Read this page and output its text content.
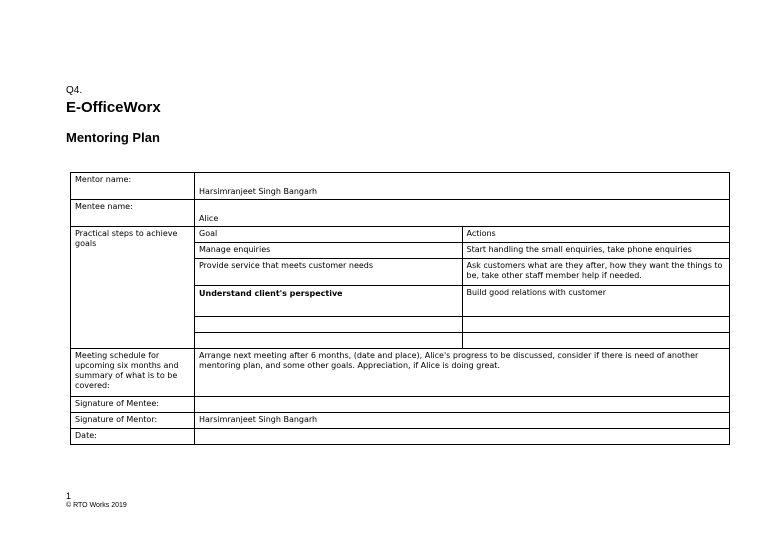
Q4.
E-OfficeWorx
Mentoring Plan
Mentor name:	Harsimranjeet Singh Bangarh	
Mentee name:	Alice	
Practical steps to achieve goals	Goal	Actions
	Manage enquiries	Start handling the small enquiries, take phone enquiries
	Provide service that meets customer needs	Ask customers what are they after, how they want the things to be, take other staff member help if needed.
	Understand client's perspective	Build good relations with customer

Meeting schedule for upcoming six months and summary of what is to be covered:	Arrange next meeting after 6 months, (date and place), Alice's progress to be discussed, consider if there is need of another mentoring plan, and some other goals. Appreciation, if Alice is doing great.	
Signature of Mentee:		
Signature of Mentor:	Harsimranjeet Singh Bangarh	
Date:		
1
© RTO Works 2019
